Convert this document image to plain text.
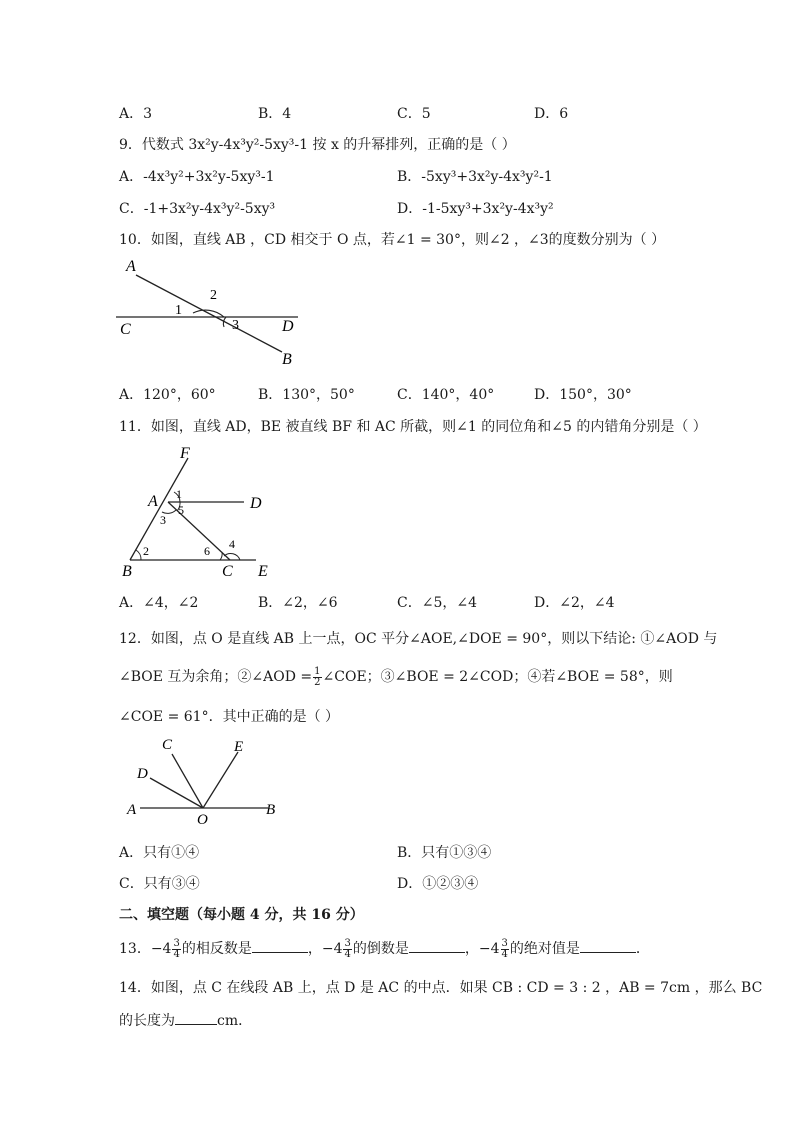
A．3	B．4	C．5	D．6
9．代数式 3x²y-4x³y²-5xy³-1 按 x 的升幂排列，正确的是（ ）
A．-4x³y²+3x²y-5xy³-1	B．-5xy³+3x²y-4x³y²-1
C．-1+3x²y-4x³y²-5xy³	D．-1-5xy³+3x²y-4x³y²
10．如图，直线 AB ，CD 相交于 O 点，若∠1 = 30°，则∠2 ，∠3的度数分别为（ ）
A
B
C	D
1
2
3
A．120°，60°	B．130°，50°	C．140°，40°	D．150°，30°
11．如图，直线 AD，BE 被直线 BF 和 AC 所截，则∠1 的同位角和∠5 的内错角分别是（ ）
F
A	D
B	C E
1
5
3
2	6 4
A．∠4，∠2	B．∠2，∠6	C．∠5，∠4	D．∠2，∠4
12．如图，点 O 是直线 AB 上一点，OC 平分∠AOE,∠DOE = 90°，则以下结论: ①∠AOD 与
∠BOE 互为余角；②∠AOD = $\frac{1}{2}$ ∠COE；③∠BOE = 2∠COD；④若∠BOE = 58°，则
∠COE = 61°．其中正确的是（ ）
C	E
D
A
O
B
A．只有①④	B．只有①③④
C．只有③④	D．①②③④
二、填空题（每小题 4 分，共 16 分）
13．$-4 \frac{3}{4}$ 的相反数是	，$-4 \frac{3}{4}$ 的倒数是	，$-4 \frac{3}{4}$ 的绝对值是	．
14．如图，点 C 在线段 AB 上，点 D 是 AC 的中点．如果 CB : CD = 3 : 2 ，AB = 7cm ，那么 BC
的长度为	cm．
